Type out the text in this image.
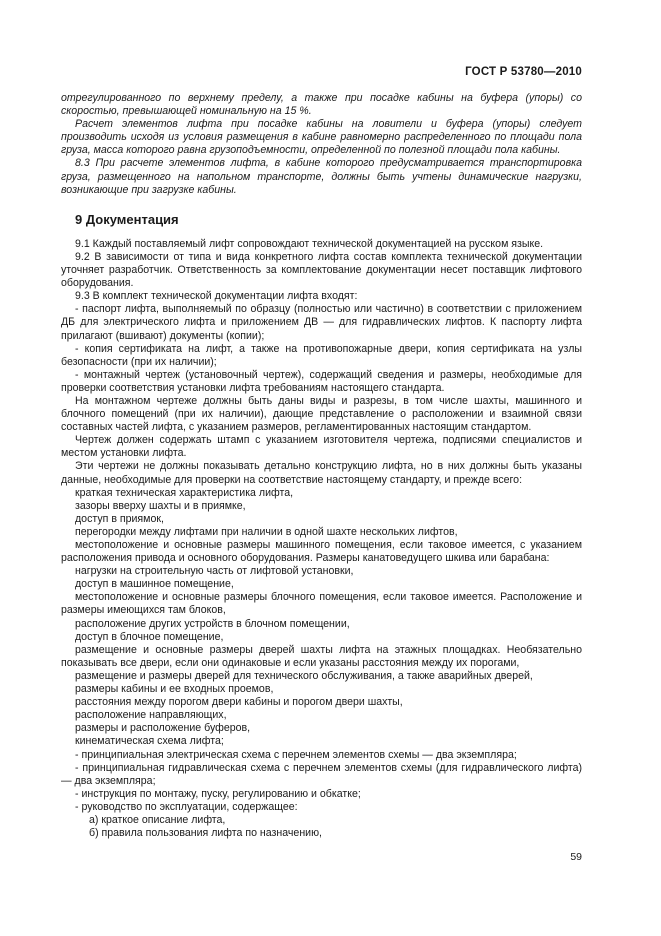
ГОСТ Р 53780—2010

отрегулированного по верхнему пределу, а также при посадке кабины на буфера (упоры) со скоростью, превышающей номинальную на 15 %.

Расчет элементов лифта при посадке кабины на ловители и буфера (упоры) следует производить исходя из условия размещения в кабине равномерно распределенного по площади пола груза, масса которого равна грузоподъемности, определенной по полезной площади пола кабины.

8.3 При расчете элементов лифта, в кабине которого предусматривается транспортировка груза, размещенного на напольном транспорте, должны быть учтены динамические нагрузки, возникающие при загрузке кабины.

9 Документация

9.1 Каждый поставляемый лифт сопровождают технической документацией на русском языке.

9.2 В зависимости от типа и вида конкретного лифта состав комплекта технической документации уточняет разработчик. Ответственность за комплектование документации несет поставщик лифтового оборудования.

9.3 В комплект технической документации лифта входят:

- паспорт лифта, выполняемый по образцу (полностью или частично) в соответствии с приложением ДБ для электрического лифта и приложением ДВ — для гидравлических лифтов. К паспорту лифта прилагают (вшивают) документы (копии);

- копия сертификата на лифт, а также на противопожарные двери, копия сертификата на узлы безопасности (при их наличии);

- монтажный чертеж (установочный чертеж), содержащий сведения и размеры, необходимые для проверки соответствия установки лифта требованиям настоящего стандарта.

На монтажном чертеже должны быть даны виды и разрезы, в том числе шахты, машинного и блочного помещений (при их наличии), дающие представление о расположении и взаимной связи составных частей лифта, с указанием размеров, регламентированных настоящим стандартом.

Чертеж должен содержать штамп с указанием изготовителя чертежа, подписями специалистов и местом установки лифта.

Эти чертежи не должны показывать детально конструкцию лифта, но в них должны быть указаны данные, необходимые для проверки на соответствие настоящему стандарту, и прежде всего:

краткая техническая характеристика лифта,

зазоры вверху шахты и в приямке,

доступ в приямок,

перегородки между лифтами при наличии в одной шахте нескольких лифтов,

местоположение и основные размеры машинного помещения, если таковое имеется, с указанием расположения привода и основного оборудования. Размеры канатоведущего шкива или барабана:

нагрузки на строительную часть от лифтовой установки,

доступ в машинное помещение,

местоположение и основные размеры блочного помещения, если таковое имеется. Расположение и размеры имеющихся там блоков,

расположение других устройств в блочном помещении,

доступ в блочное помещение,

размещение и основные размеры дверей шахты лифта на этажных площадках. Необязательно показывать все двери, если они одинаковые и если указаны расстояния между их порогами,

размещение и размеры дверей для технического обслуживания, а также аварийных дверей,

размеры кабины и ее входных проемов,

расстояния между порогом двери кабины и порогом двери шахты,

расположение направляющих,

размеры и расположение буферов,

кинематическая схема лифта;

- принципиальная электрическая схема с перечнем элементов схемы — два экземпляра;

- принципиальная гидравлическая схема с перечнем элементов схемы (для гидравлического лифта) — два экземпляра;

- инструкция по монтажу, пуску, регулированию и обкатке;

- руководство по эксплуатации, содержащее:

а) краткое описание лифта,

б) правила пользования лифта по назначению,

59
